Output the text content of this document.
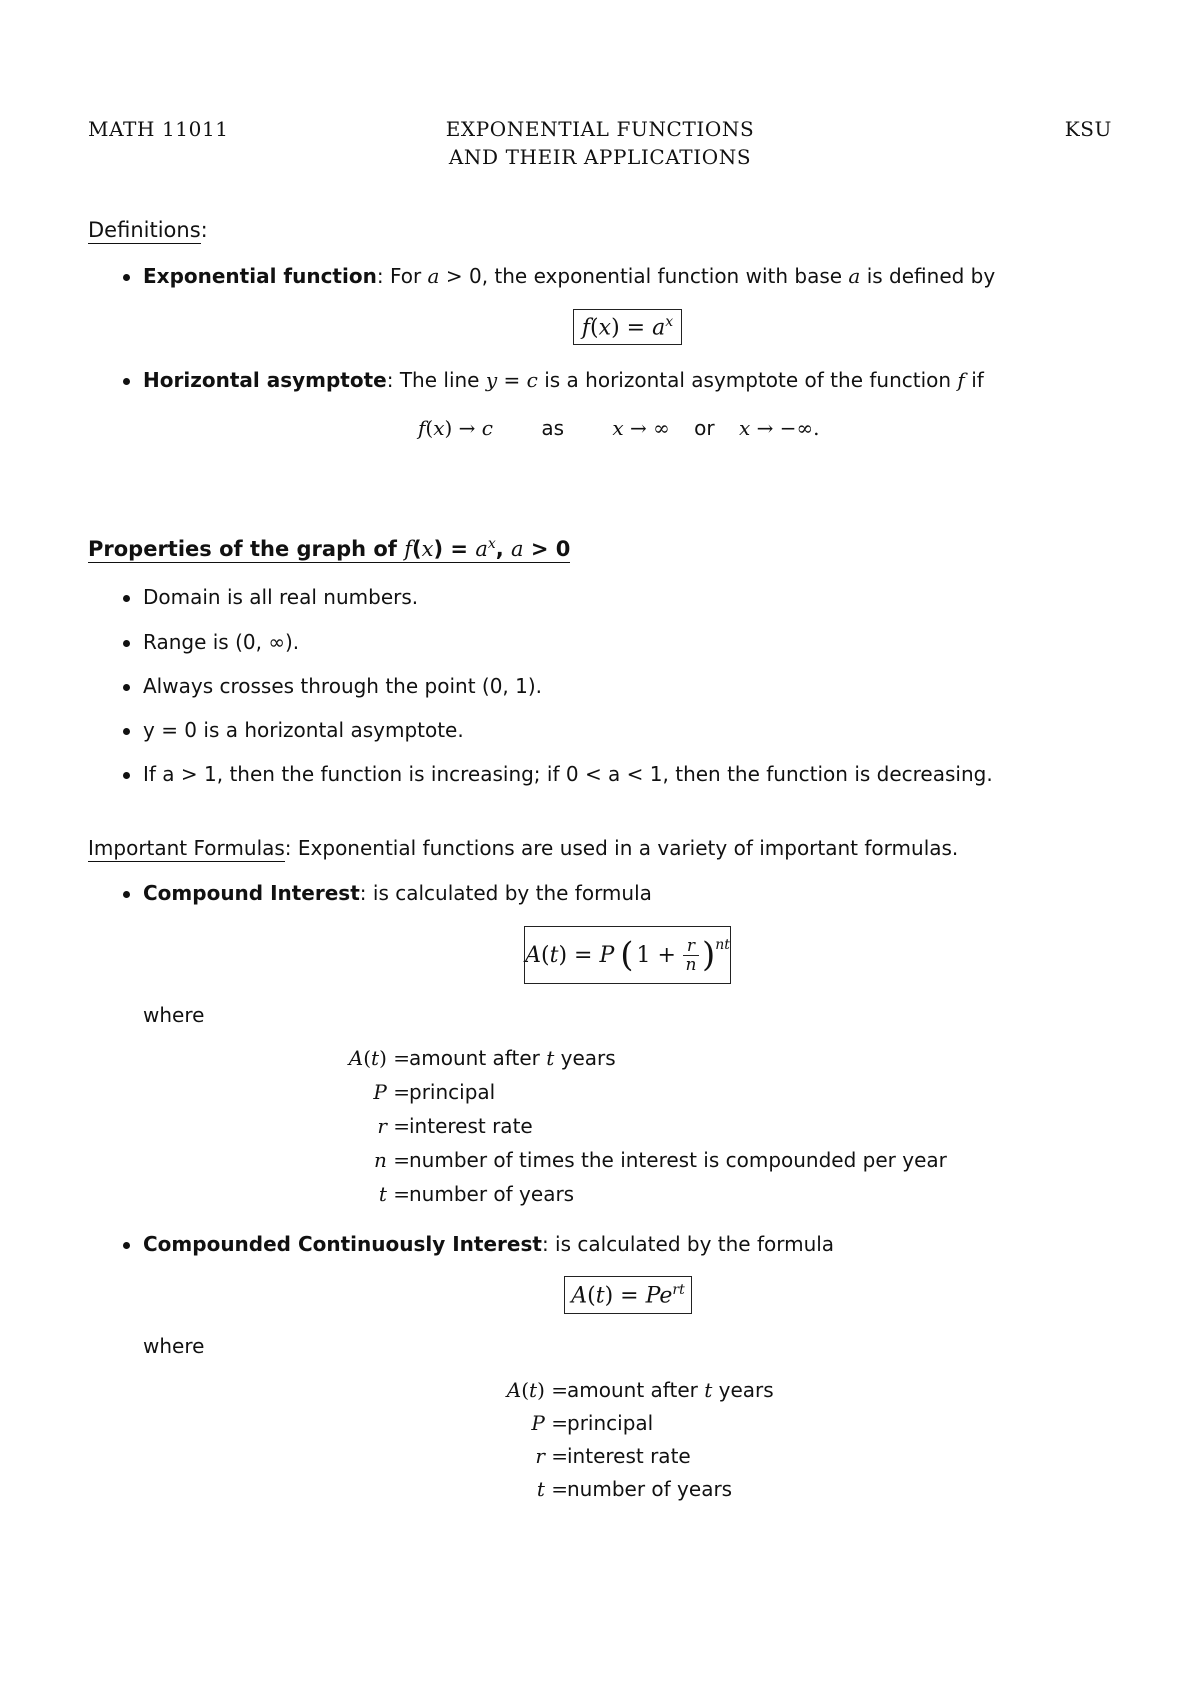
MATH 11011	EXPONENTIAL FUNCTIONS
AND THEIR APPLICATIONS
KSU
Definitions:
Exponential function: For a > 0, the exponential function with base a is defined by
$f(x) = a^x$
Horizontal asymptote: The line y = c is a horizontal asymptote of the function f if
f(x) → c as x → ∞ or x → −∞.
Properties of the graph of $f(x) = a^x$, a > 0
Domain is all real numbers.
Range is (0, ∞).
Always crosses through the point (0, 1).
y = 0 is a horizontal asymptote.
If a > 1, then the function is increasing; if 0 < a < 1, then the function is decreasing.
Important Formulas: Exponential functions are used in a variety of important formulas.
Compound Interest: is calculated by the formula
A ( t ) = P ( 1 + r
n )$^{nt}$
where
A(t) = amount after t years
P = principal
r = interest rate
n = number of times the interest is compounded per year
t = number of years
Compounded Continuously Interest: is calculated by the formula
$A(t) = Pe^{rt}$
where
A(t) = amount after t years
P = principal
r = interest rate
t = number of years
